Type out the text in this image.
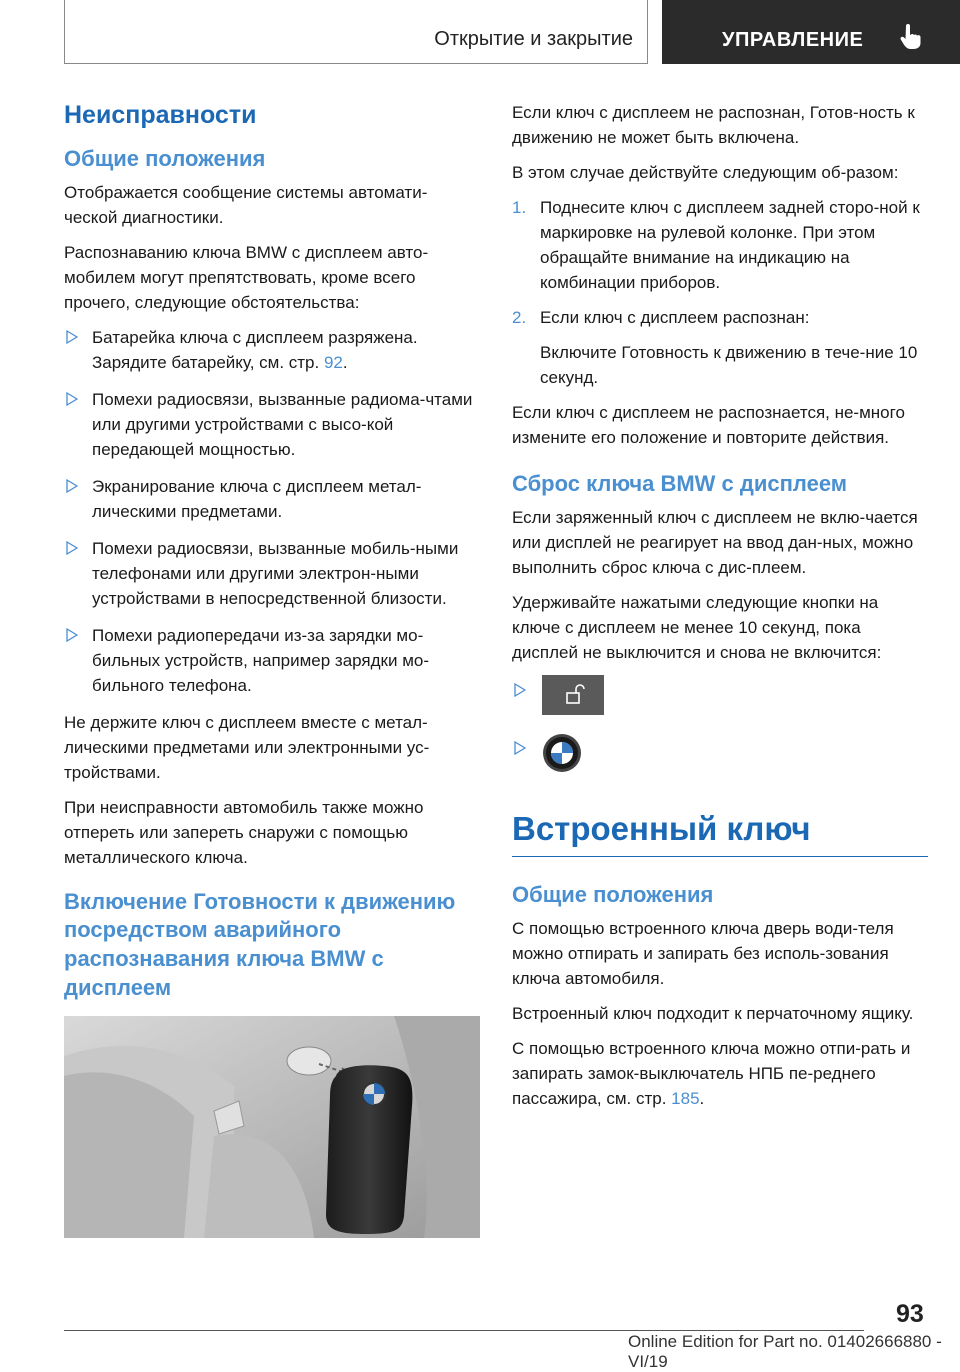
Открытие и закрытие	УПРАВЛЕНИЕ
Неисправности
Общие положения

Отображается сообщение системы автомати-ческой диагностики.

Распознаванию ключа BMW с дисплеем авто-мобилем могут препятствовать, кроме всего прочего, следующие обстоятельства:

Батарейка ключа с дисплеем разряжена. Зарядите батарейку, см. стр. 92.
Помехи радиосвязи, вызванные радиома-чтами или другими устройствами с высо-кой передающей мощностью.
Экранирование ключа с дисплеем метал-лическими предметами.
Помехи радиосвязи, вызванные мобиль-ными телефонами или другими электрон-ными устройствами в непосредственной близости.
Помехи радиопередачи из-за зарядки мо-бильных устройств, например зарядки мо-бильного телефона.

Не держите ключ с дисплеем вместе с метал-лическими предметами или электронными ус-тройствами.

При неисправности автомобиль также можно отпереть или запереть снаружи с помощью металлического ключа.

Включение Готовности к движению посредством аварийного распознавания ключа BMW с дисплеем

Если ключ с дисплеем не распознан, Готов-ность к движению не может быть включена.

В этом случае действуйте следующим об-разом:

1. Поднесите ключ с дисплеем задней сторо-ной к маркировке на рулевой колонке. При этом обращайте внимание на индикацию на комбинации приборов.
2. Если ключ с дисплеем распознан:
Включите Готовность к движению в тече-ние 10 секунд.

Если ключ с дисплеем не распознается, не-много измените его положение и повторите действия.

Сброс ключа BMW с дисплеем

Если заряженный ключ с дисплеем не вклю-чается или дисплей не реагирует на ввод дан-ных, можно выполнить сброс ключа с дис-плеем.

Удерживайте нажатыми следующие кнопки на ключе с дисплеем не менее 10 секунд, пока дисплей не выключится и снова не включится:

Встроенный ключ
Общие положения

С помощью встроенного ключа дверь води-теля можно отпирать и запирать без исполь-зования ключа автомобиля.

Встроенный ключ подходит к перчаточному ящику.

С помощью встроенного ключа можно отпи-рать и запирать замок-выключатель НПБ пе-реднего пассажира, см. стр. 185.

93
Online Edition for Part no. 01402666880 - VI/19
